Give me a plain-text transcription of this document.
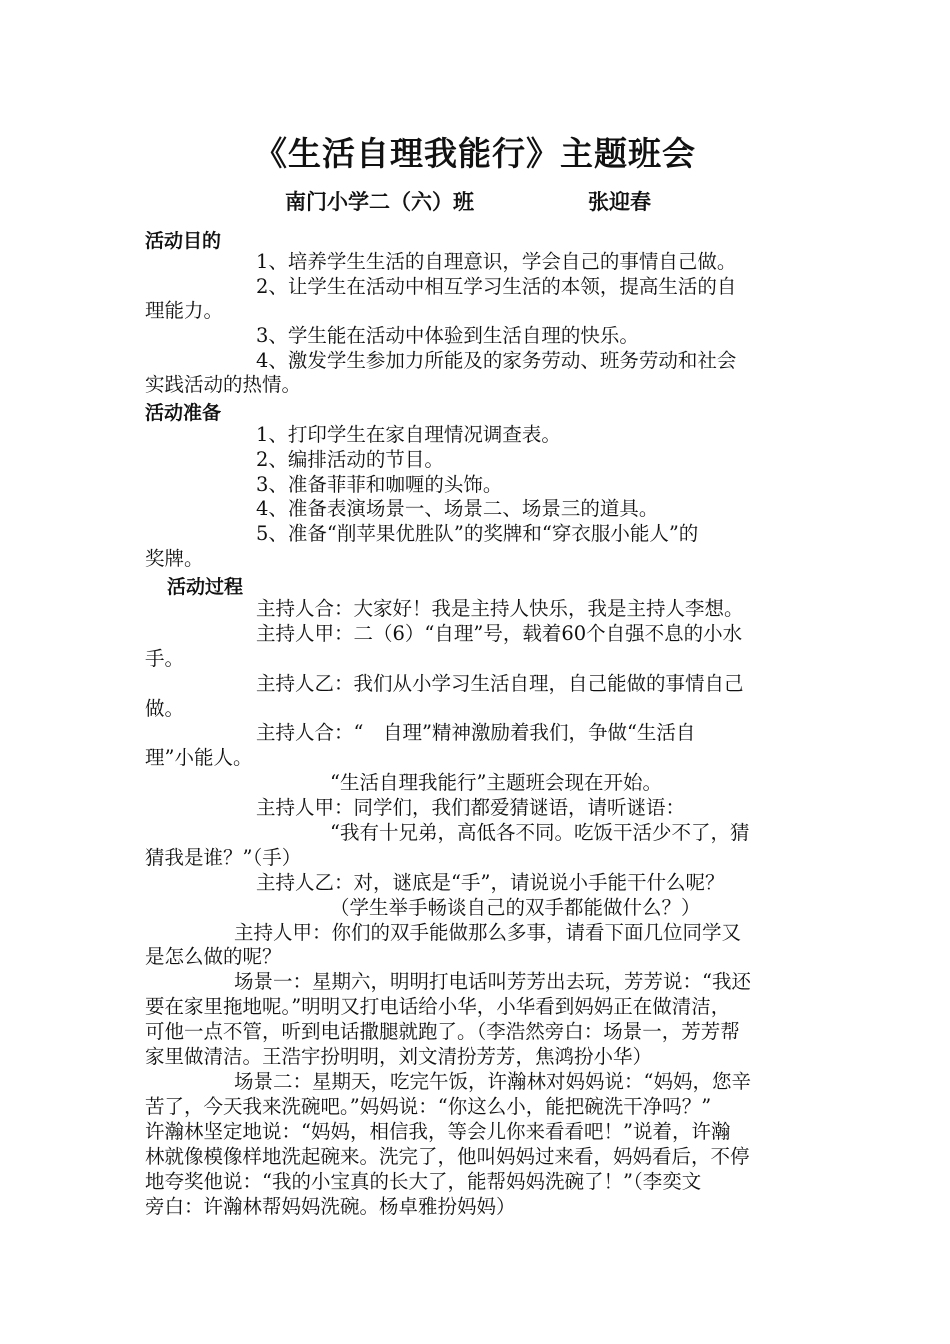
《生活自理我能行》主题班会
南门小学二（六）班	张迎春
活动目的
1、培养学生生活的自理意识，学会自己的事情自己做。
2、让学生在活动中相互学习生活的本领，提高生活的自
理能力。
3、学生能在活动中体验到生活自理的快乐。
4、激发学生参加力所能及的家务劳动、班务劳动和社会
实践活动的热情。
活动准备
1、打印学生在家自理情况调查表。
2、编排活动的节目。
3、准备菲菲和咖喱的头饰。
4、准备表演场景一、场景二、场景三的道具。
5、准备“削苹果优胜队”的奖牌和“穿衣服小能人”的
奖牌。
活动过程
主持人合：大家好！我是主持人快乐，我是主持人李想。
主持人甲：二（6）“自理”号，载着60个自强不息的小水
手。
主持人乙：我们从小学习生活自理，自己能做的事情自己
做。
主持人合：“　自理”精神激励着我们，争做“生活自
理”小能人。
“生活自理我能行”主题班会现在开始。
主持人甲：同学们，我们都爱猜谜语，请听谜语：
“我有十兄弟，高低各不同。吃饭干活少不了，猜
猜我是谁？”（手）
主持人乙：对，谜底是“手”，请说说小手能干什么呢？
（学生举手畅谈自己的双手都能做什么？）
主持人甲：你们的双手能做那么多事，请看下面几位同学又
是怎么做的呢？
场景一：星期六，明明打电话叫芳芳出去玩，芳芳说：“我还
要在家里拖地呢。”明明又打电话给小华，小华看到妈妈正在做清洁，
可他一点不管，听到电话撒腿就跑了。（李浩然旁白：场景一，芳芳帮
家里做清洁。王浩宇扮明明，刘文清扮芳芳，焦鸿扮小华）
场景二：星期天，吃完午饭，许瀚林对妈妈说：“妈妈，您辛
苦了，今天我来洗碗吧。”妈妈说：“你这么小，能把碗洗干净吗？”
许瀚林坚定地说：“妈妈，相信我，等会儿你来看看吧！”说着，许瀚
林就像模像样地洗起碗来。洗完了，他叫妈妈过来看，妈妈看后，不停
地夸奖他说：“我的小宝真的长大了，能帮妈妈洗碗了！”（李奕文
旁白：许瀚林帮妈妈洗碗。杨卓雅扮妈妈）
